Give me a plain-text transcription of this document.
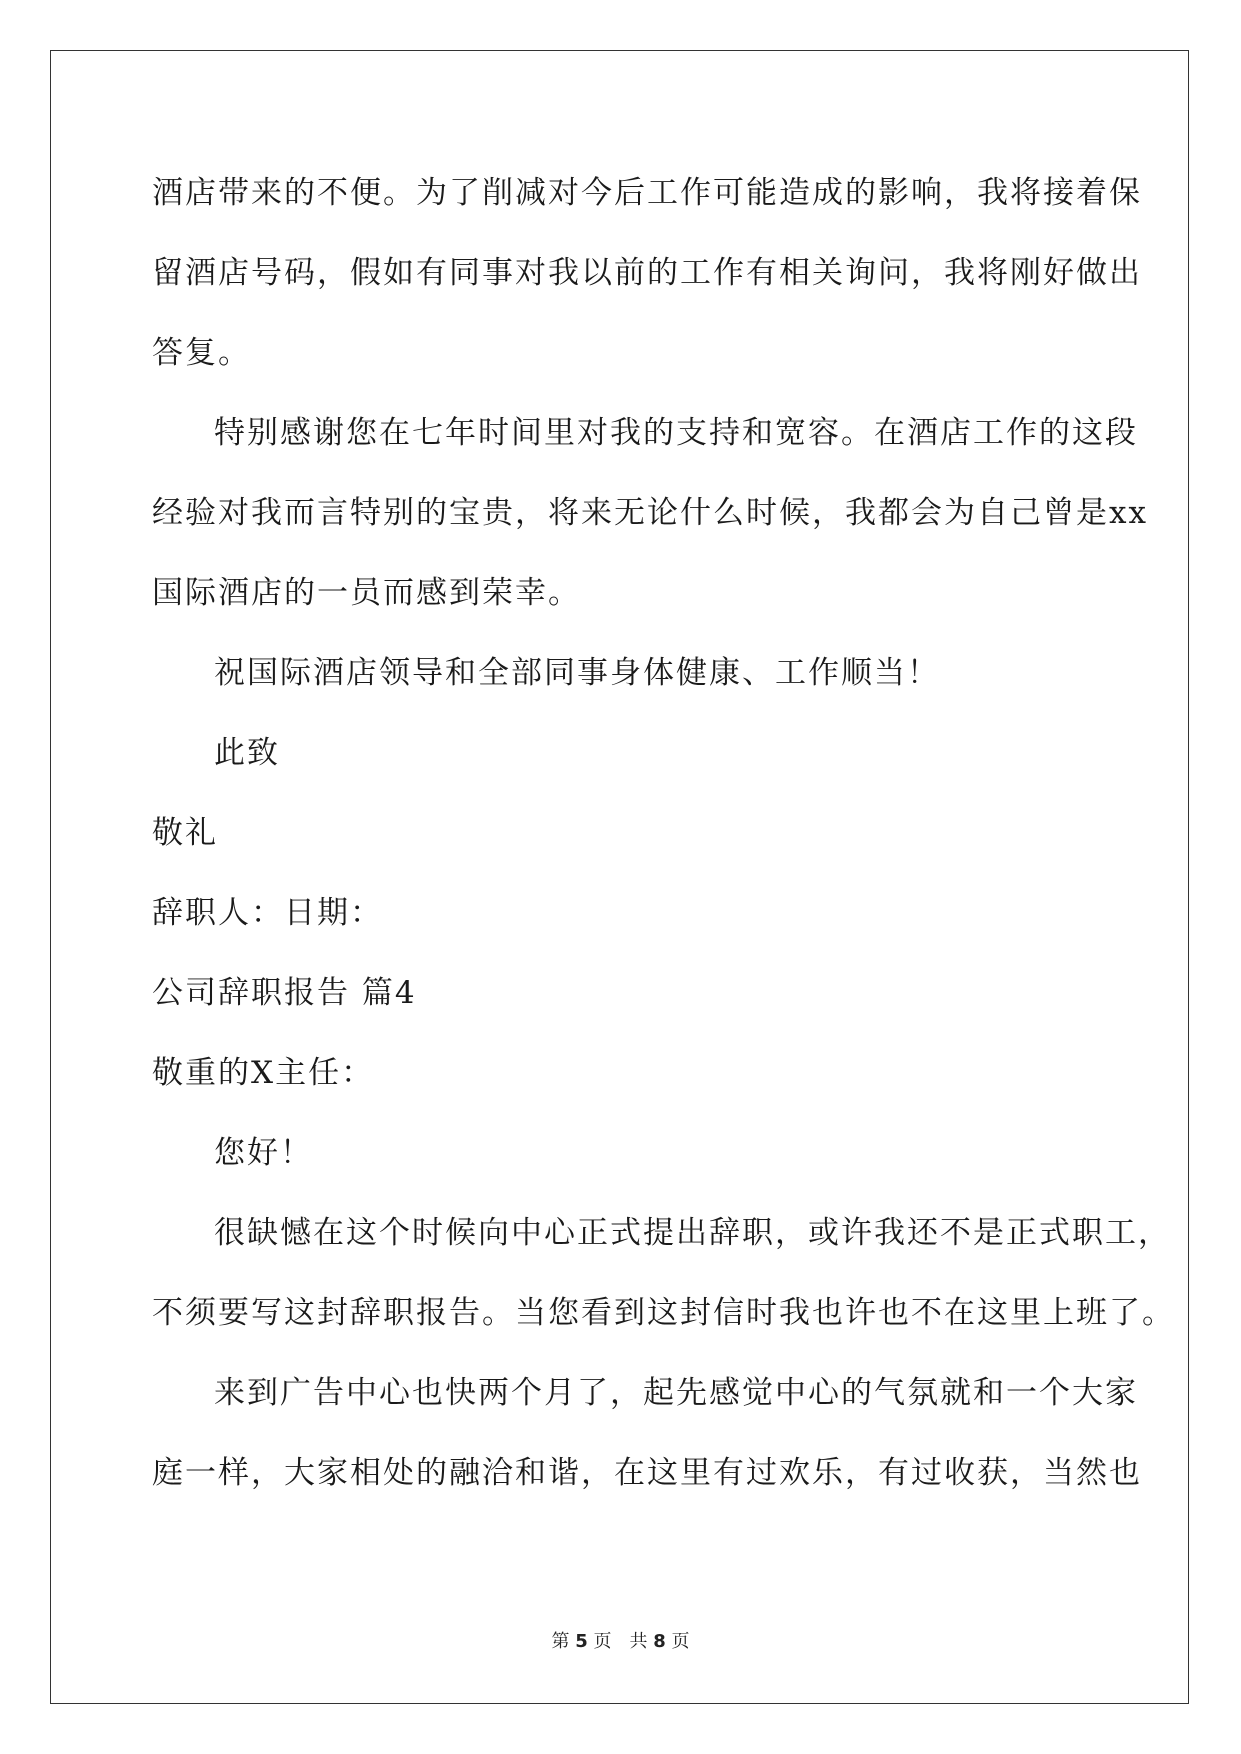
酒店带来的不便。为了削减对今后工作可能造成的影响，我将接着保
留酒店号码，假如有同事对我以前的工作有相关询问，我将刚好做出
答复。
特别感谢您在七年时间里对我的支持和宽容。在酒店工作的这段
经验对我而言特别的宝贵，将来无论什么时候，我都会为自己曾是xx
国际酒店的一员而感到荣幸。
祝国际酒店领导和全部同事身体健康、工作顺当！
此致
敬礼
辞职人：日期：
公司辞职报告 篇4
敬重的X主任：
您好！
很缺憾在这个时候向中心正式提出辞职，或许我还不是正式职工，
不须要写这封辞职报告。当您看到这封信时我也许也不在这里上班了。
来到广告中心也快两个月了，起先感觉中心的气氛就和一个大家
庭一样，大家相处的融洽和谐，在这里有过欢乐，有过收获，当然也
第 5 页　共 8 页
